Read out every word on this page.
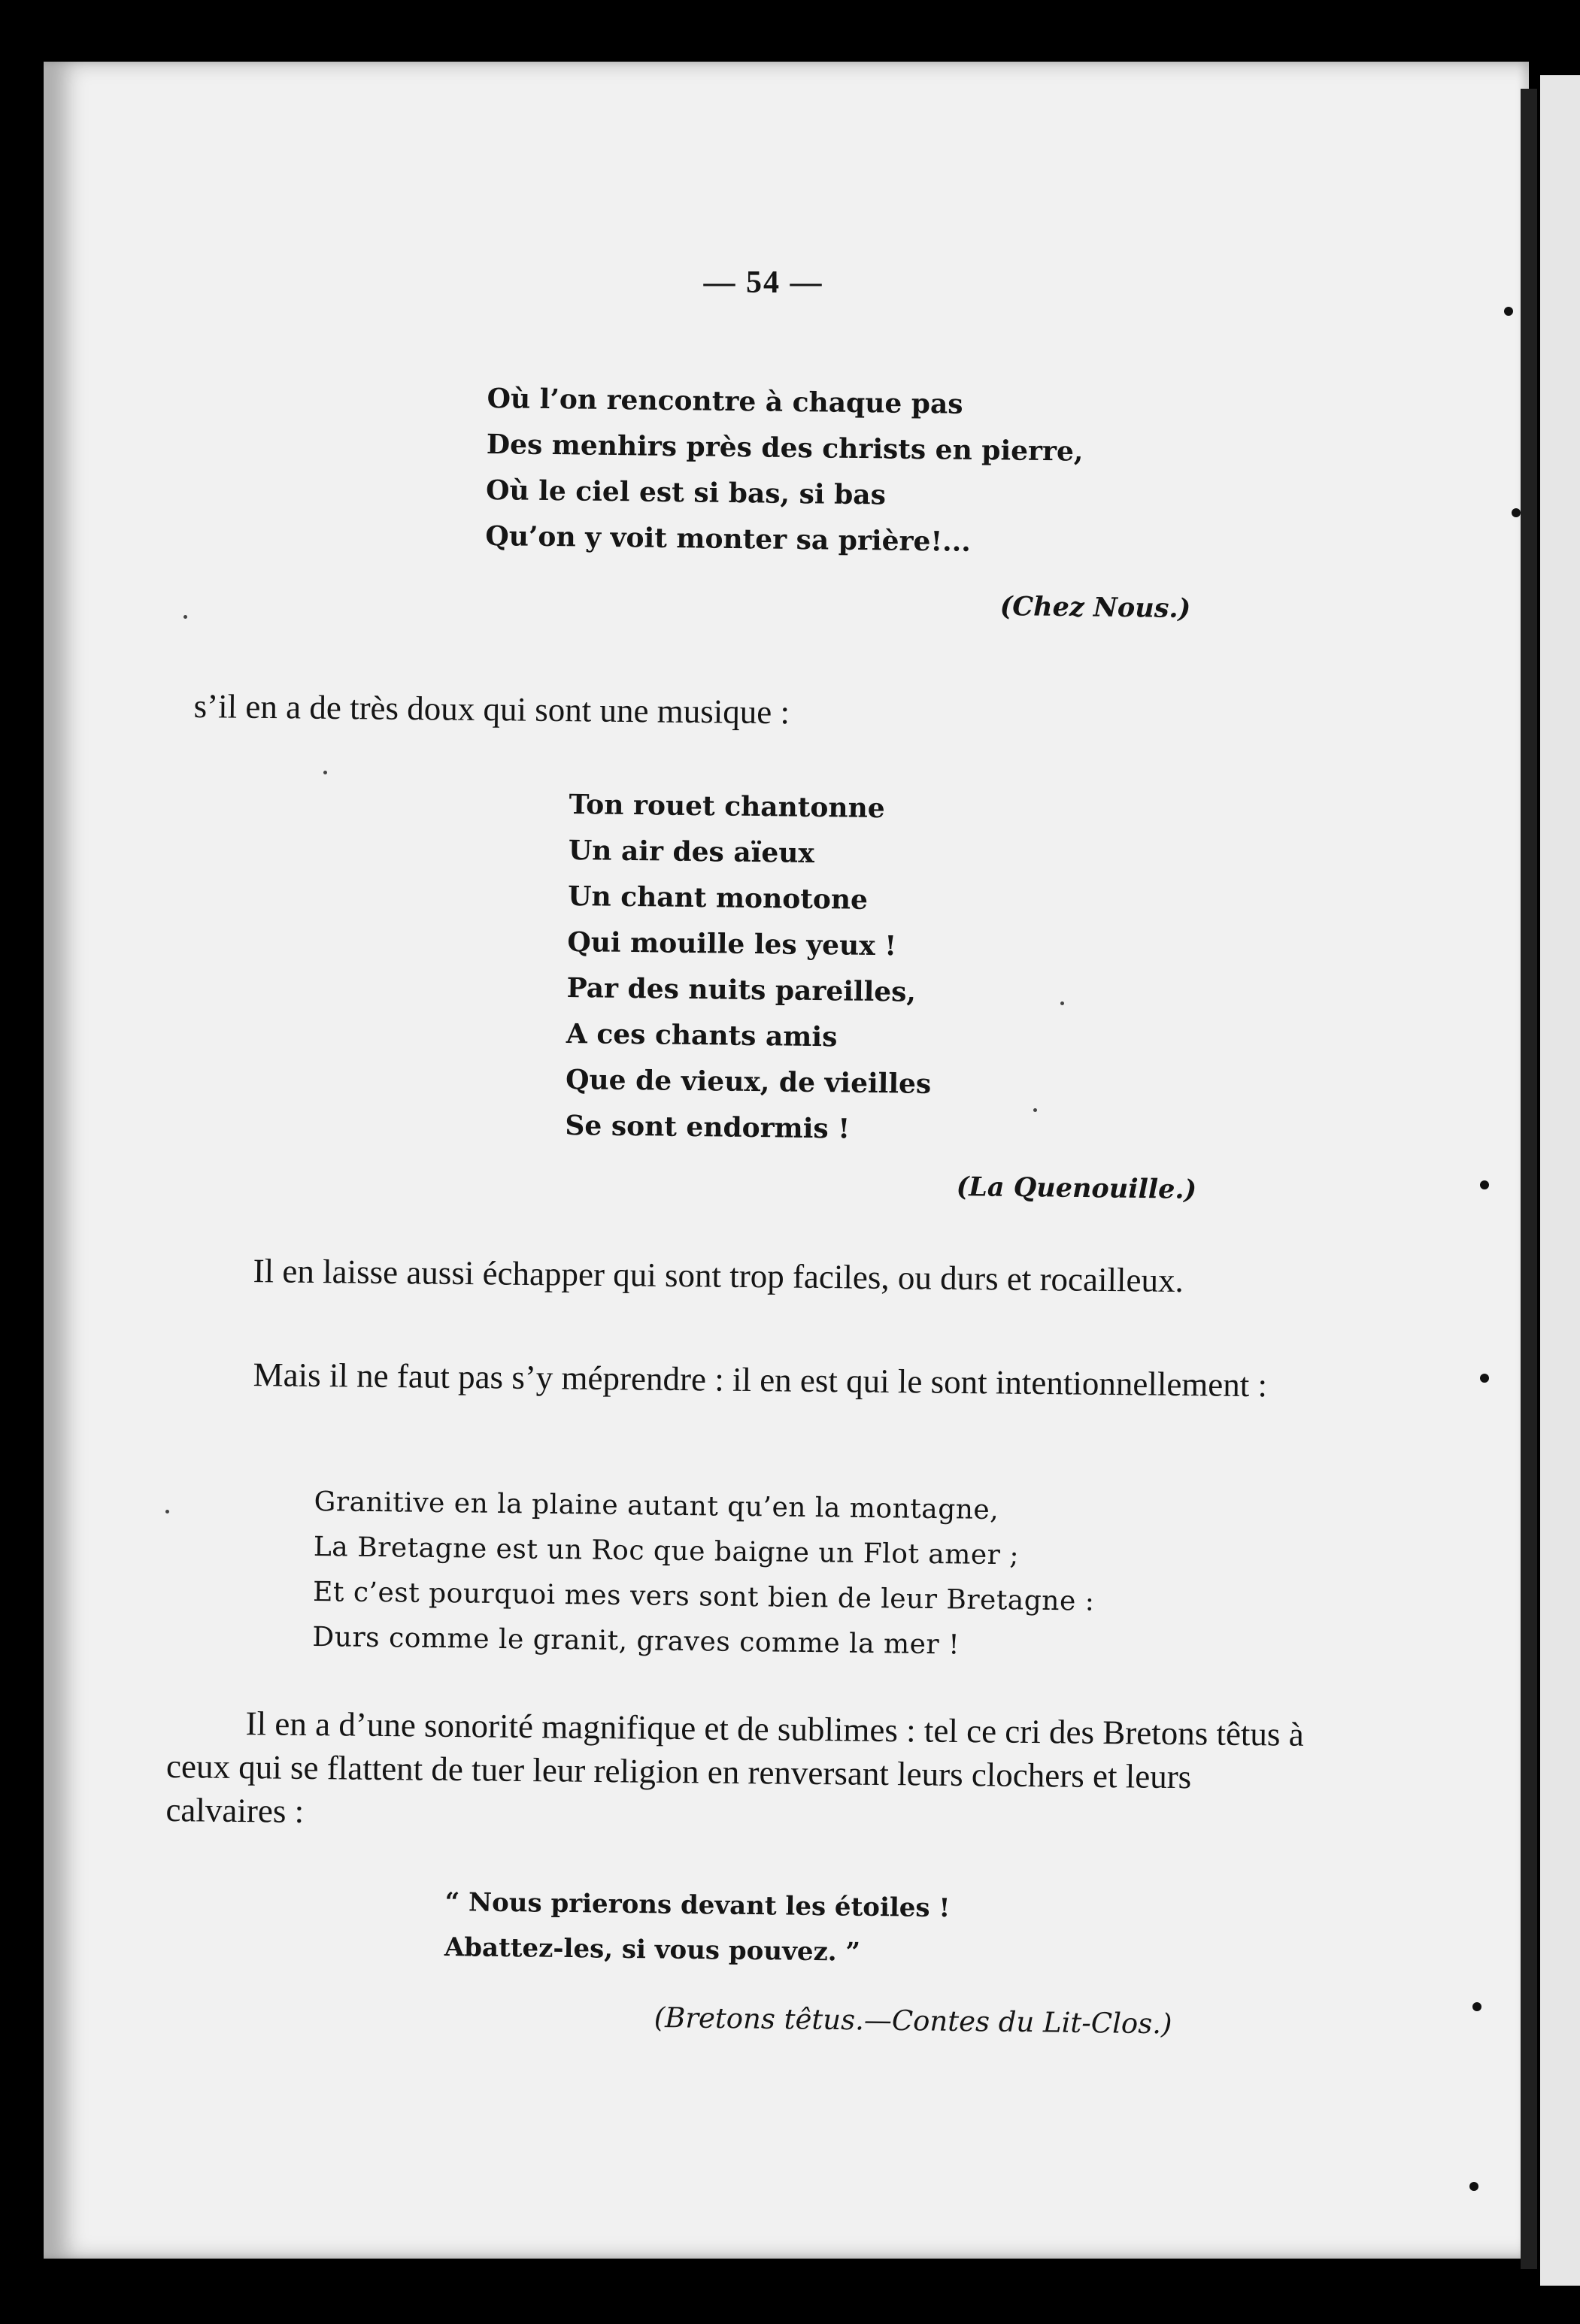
— 54 —
Où l’on rencontre à chaque pas
Des menhirs près des christs en pierre,
Où le ciel est si bas, si bas
Qu’on y voit monter sa prière!...
(Chez Nous.)
s’il en a de très doux qui sont une musique :
Ton rouet chantonne
Un air des aïeux
Un chant monotone
Qui mouille les yeux !
Par des nuits pareilles,
A ces chants amis
Que de vieux, de vieilles
Se sont endormis !
(La Quenouille.)
Il en laisse aussi échapper qui sont trop faciles, ou durs et rocailleux.
Mais il ne faut pas s’y méprendre : il en est qui le sont intentionnellement :
Granitive en la plaine autant qu’en la montagne,
La Bretagne est un Roc que baigne un Flot amer ;
Et c’est pourquoi mes vers sont bien de leur Bretagne :
Durs comme le granit, graves comme la mer !
Il en a d’une sonorité magnifique et de sublimes : tel ce cri des Bretons têtus à ceux qui se flattent de tuer leur religion en renversant leurs clochers et leurs calvaires :
“ Nous prierons devant les étoiles !
Abattez-les, si vous pouvez. ”
(Bretons têtus.—Contes du Lit-Clos.)
